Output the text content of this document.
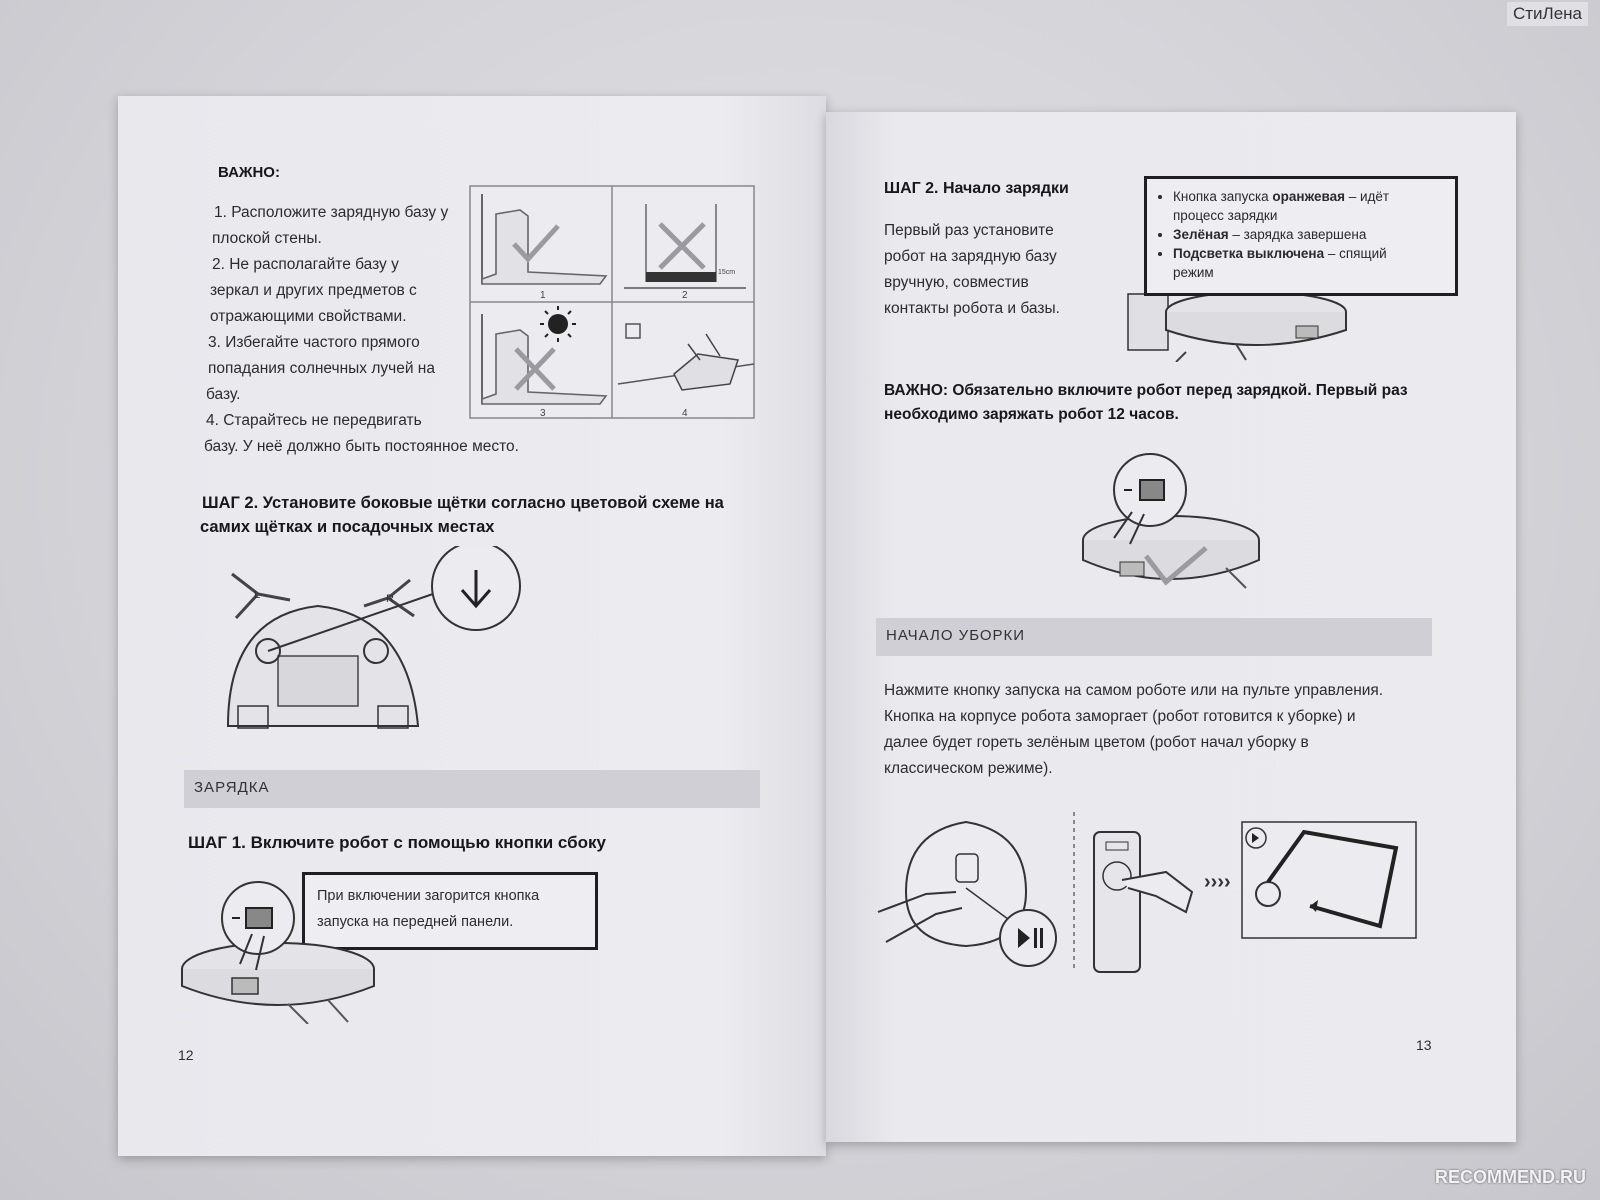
СтиЛена
ВАЖНО:
1. Расположите зарядную базу у
плоской стены.
2. Не располагайте базу у
зеркал и других предметов с
отражающими свойствами.
3. Избегайте частого прямого
попадания солнечных лучей на
базу.
4. Старайтесь не передвигать
базу. У неё должно быть постоянное место.
1	2
3	4
15cm
ШАГ 2. Установите боковые щётки согласно цветовой схеме на
самих щётках и посадочных местах
L	R
ЗАРЯДКА
ШАГ 1. Включите робот с помощью кнопки сбоку
При включении загорится кнопка
запуска на передней панели.
12
ШАГ 2. Начало зарядки
Первый раз установите
робот на зарядную базу
вручную, совместив
контакты робота и базы.
• Кнопка запуска оранжевая – идёт
процесс зарядки
• Зелёная – зарядка завершена
• Подсветка выключена – спящий
режим
ВАЖНО: Обязательно включите робот перед зарядкой. Первый раз
необходимо заряжать робот 12 часов.
НАЧАЛО УБОРКИ
Нажмите кнопку запуска на самом роботе или на пульте управления.
Кнопка на корпусе робота заморгает (робот готовится к уборке) и
далее будет гореть зелёным цветом (робот начал уборку в
классическом режиме).
››››
13
RECOMMEND.RU
